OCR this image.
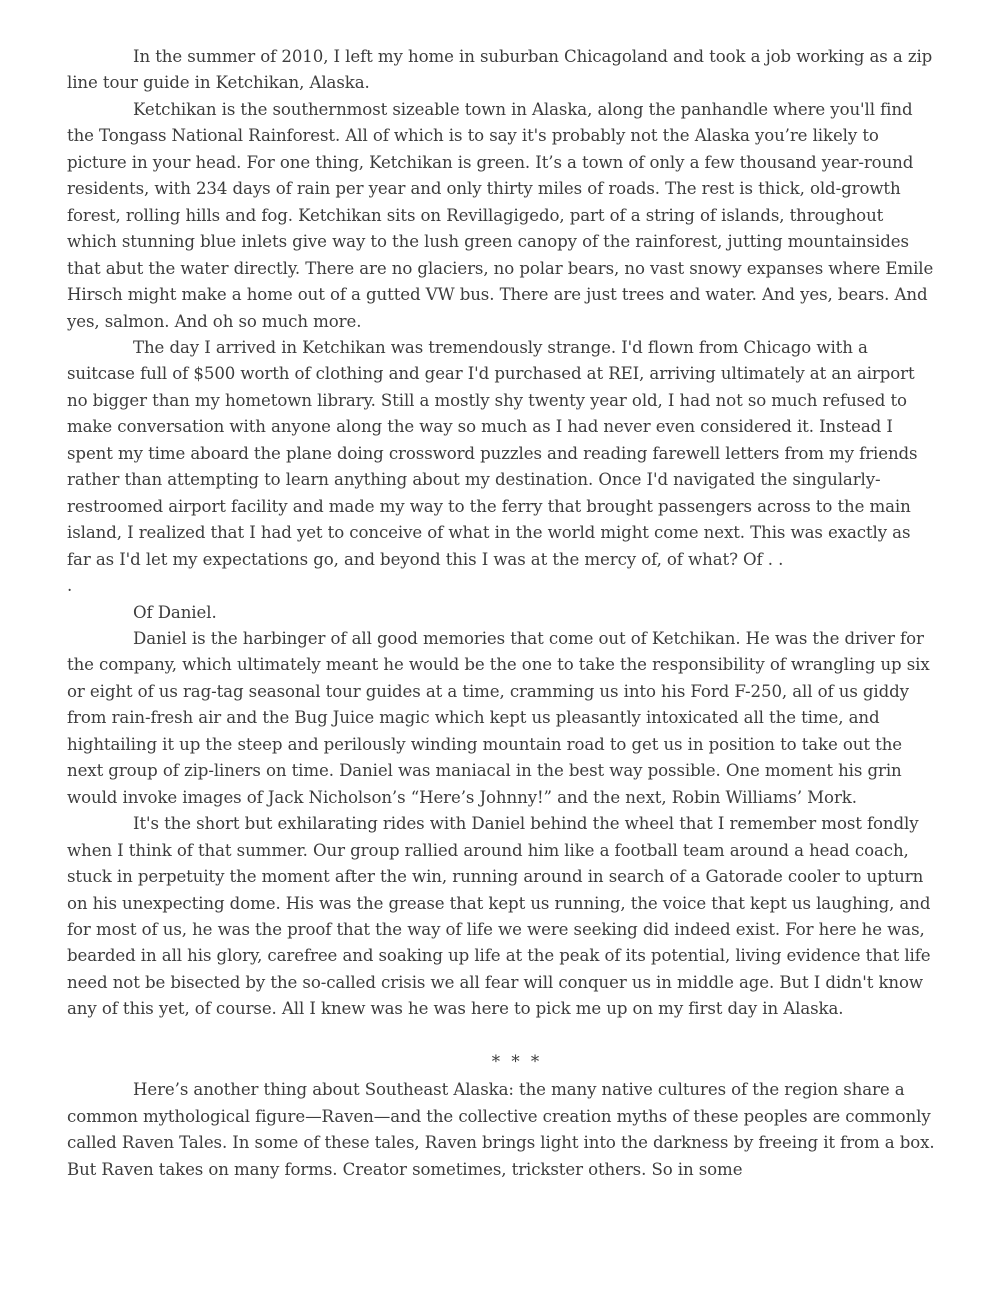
In the summer of 2010, I left my home in suburban Chicagoland and took a job working as a zip line tour guide in Ketchikan, Alaska.

Ketchikan is the southernmost sizeable town in Alaska, along the panhandle where you'll find the Tongass National Rainforest. All of which is to say it's probably not the Alaska you’re likely to picture in your head. For one thing, Ketchikan is green. It’s a town of only a few thousand year-round residents, with 234 days of rain per year and only thirty miles of roads. The rest is thick, old-growth forest, rolling hills and fog. Ketchikan sits on Revillagigedo, part of a string of islands, throughout which stunning blue inlets give way to the lush green canopy of the rainforest, jutting mountainsides that abut the water directly. There are no glaciers, no polar bears, no vast snowy expanses where Emile Hirsch might make a home out of a gutted VW bus. There are just trees and water. And yes, bears. And yes, salmon. And oh so much more.

The day I arrived in Ketchikan was tremendously strange. I'd flown from Chicago with a suitcase full of $500 worth of clothing and gear I'd purchased at REI, arriving ultimately at an airport no bigger than my hometown library. Still a mostly shy twenty year old, I had not so much refused to make conversation with anyone along the way so much as I had never even considered it. Instead I spent my time aboard the plane doing crossword puzzles and reading farewell letters from my friends rather than attempting to learn anything about my destination. Once I'd navigated the singularly-restroomed airport facility and made my way to the ferry that brought passengers across to the main island, I realized that I had yet to conceive of what in the world might come next. This was exactly as far as I'd let my expectations go, and beyond this I was at the mercy of, of what? Of . .

.

Of Daniel.

Daniel is the harbinger of all good memories that come out of Ketchikan. He was the driver for the company, which ultimately meant he would be the one to take the responsibility of wrangling up six or eight of us rag-tag seasonal tour guides at a time, cramming us into his Ford F-250, all of us giddy from rain-fresh air and the Bug Juice magic which kept us pleasantly intoxicated all the time, and hightailing it up the steep and perilously winding mountain road to get us in position to take out the next group of zip-liners on time. Daniel was maniacal in the best way possible. One moment his grin would invoke images of Jack Nicholson’s “Here’s Johnny!” and the next, Robin Williams’ Mork.

It's the short but exhilarating rides with Daniel behind the wheel that I remember most fondly when I think of that summer. Our group rallied around him like a football team around a head coach, stuck in perpetuity the moment after the win, running around in search of a Gatorade cooler to upturn on his unexpecting dome. His was the grease that kept us running, the voice that kept us laughing, and for most of us, he was the proof that the way of life we were seeking did indeed exist. For here he was, bearded in all his glory, carefree and soaking up life at the peak of its potential, living evidence that life need not be bisected by the so-called crisis we all fear will conquer us in middle age. But I didn't know any of this yet, of course. All I knew was he was here to pick me up on my first day in Alaska.

* * *

Here’s another thing about Southeast Alaska: the many native cultures of the region share a common mythological figure—Raven—and the collective creation myths of these peoples are commonly called Raven Tales. In some of these tales, Raven brings light into the darkness by freeing it from a box. But Raven takes on many forms. Creator sometimes, trickster others. So in some
